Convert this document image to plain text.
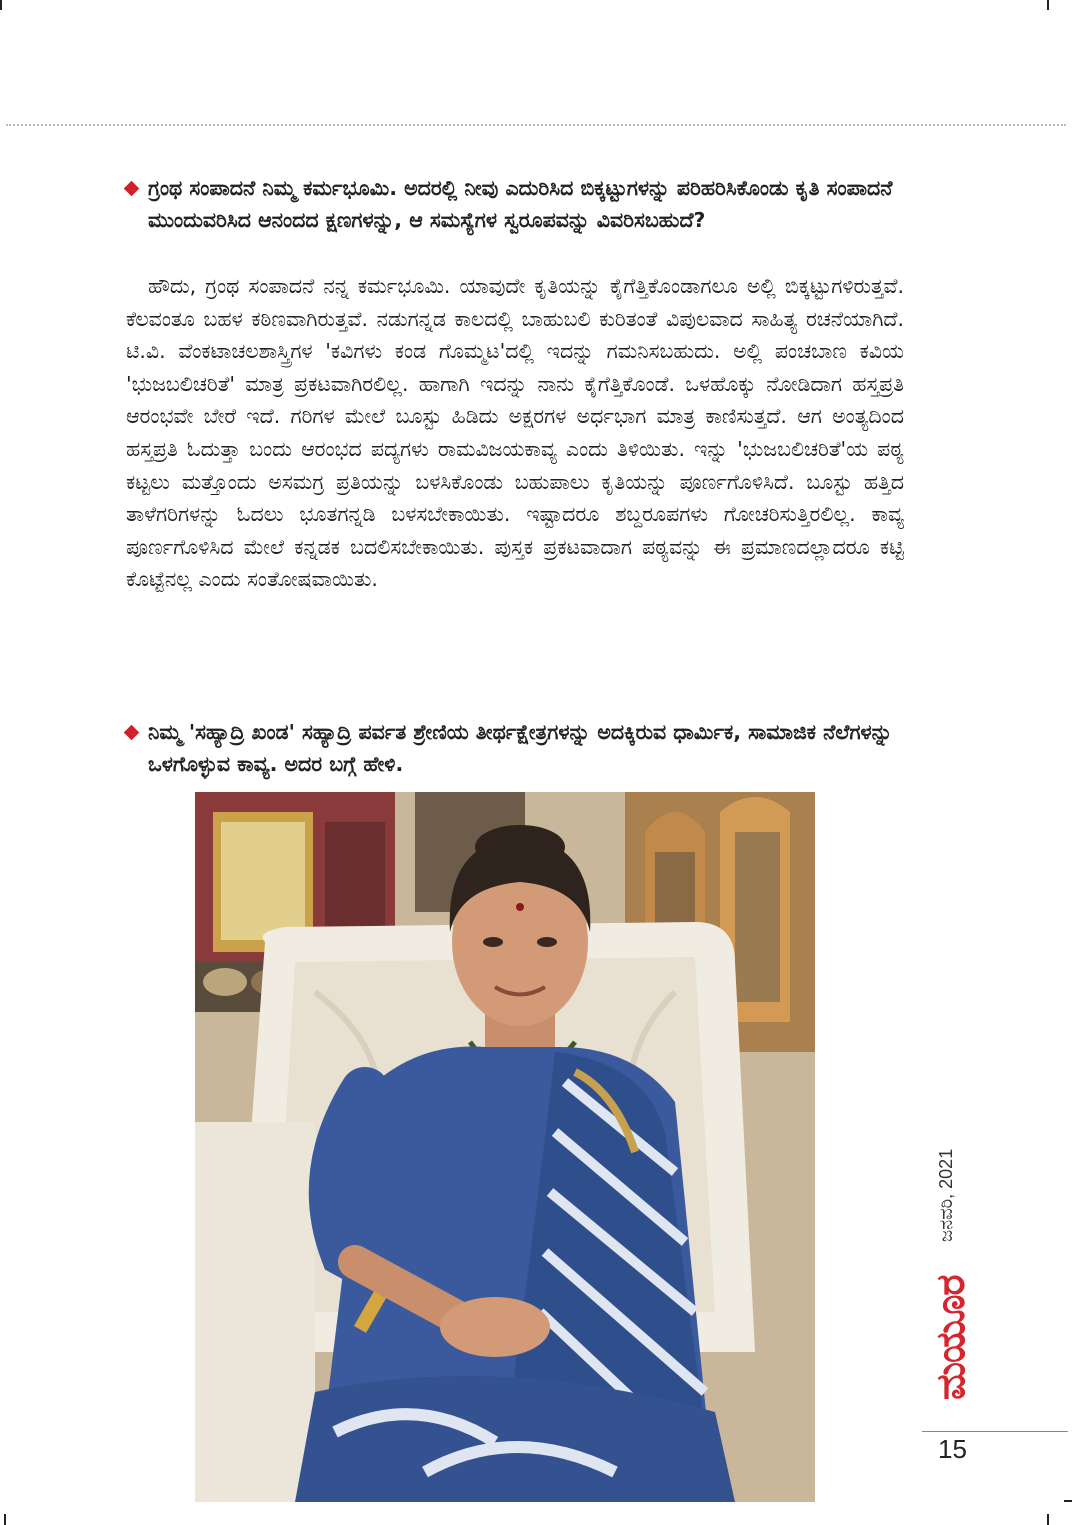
ಗ್ರಂಥ ಸಂಪಾದನೆ ನಿಮ್ಮ ಕರ್ಮಭೂಮಿ. ಅದರಲ್ಲಿ ನೀವು ಎದುರಿಸಿದ ಬಿಕ್ಕಟ್ಟುಗಳನ್ನು ಪರಿಹರಿಸಿಕೊಂಡು ಕೃತಿ ಸಂಪಾದನೆ ಮುಂದುವರಿಸಿದ ಆನಂದದ ಕ್ಷಣಗಳನ್ನು, ಆ ಸಮಸ್ಯೆಗಳ ಸ್ವರೂಪವನ್ನು ವಿವರಿಸಬಹುದೆ?
ಹೌದು, ಗ್ರಂಥ ಸಂಪಾದನೆ ನನ್ನ ಕರ್ಮಭೂಮಿ. ಯಾವುದೇ ಕೃತಿಯನ್ನು ಕೈಗೆತ್ತಿಕೊಂಡಾಗಲೂ ಅಲ್ಲಿ ಬಿಕ್ಕಟ್ಟುಗಳಿರುತ್ತವೆ. ಕೆಲವಂತೂ ಬಹಳ ಕಠಿಣವಾಗಿರುತ್ತವೆ. ನಡುಗನ್ನಡ ಕಾಲದಲ್ಲಿ ಬಾಹುಬಲಿ ಕುರಿತಂತೆ ವಿಪುಲವಾದ ಸಾಹಿತ್ಯ ರಚನೆಯಾಗಿದೆ. ಟಿ.ವಿ. ವೆಂಕಟಾಚಲಶಾಸ್ತ್ರಿಗಳ 'ಕವಿಗಳು ಕಂಡ ಗೊಮ್ಮಟ'ದಲ್ಲಿ ಇದನ್ನು ಗಮನಿಸಬಹುದು. ಅಲ್ಲಿ ಪಂಚಬಾಣ ಕವಿಯ 'ಭುಜಬಲಿಚರಿತೆ' ಮಾತ್ರ ಪ್ರಕಟವಾಗಿರಲಿಲ್ಲ. ಹಾಗಾಗಿ ಇದನ್ನು ನಾನು ಕೈಗೆತ್ತಿಕೊಂಡೆ. ಒಳಹೊಕ್ಕು ನೋಡಿದಾಗ ಹಸ್ತಪ್ರತಿ ಆರಂಭವೇ ಬೇರೆ ಇದೆ. ಗರಿಗಳ ಮೇಲೆ ಬೂಸ್ಟು ಹಿಡಿದು ಅಕ್ಷರಗಳ ಅರ್ಧಭಾಗ ಮಾತ್ರ ಕಾಣಿಸುತ್ತದೆ. ಆಗ ಅಂತ್ಯದಿಂದ ಹಸ್ತಪ್ರತಿ ಓದುತ್ತಾ ಬಂದು ಆರಂಭದ ಪದ್ಯಗಳು ರಾಮವಿಜಯಕಾವ್ಯ ಎಂದು ತಿಳಿಯಿತು. ಇನ್ನು 'ಭುಜಬಲಿಚರಿತೆ'ಯ ಪಠ್ಯ ಕಟ್ಟಲು ಮತ್ತೊಂದು ಅಸಮಗ್ರ ಪ್ರತಿಯನ್ನು ಬಳಸಿಕೊಂಡು ಬಹುಪಾಲು ಕೃತಿಯನ್ನು ಪೂರ್ಣಗೊಳಿಸಿದೆ. ಬೂಸ್ಟು ಹತ್ತಿದ ತಾಳೆಗರಿಗಳನ್ನು ಓದಲು ಭೂತಗನ್ನಡಿ ಬಳಸಬೇಕಾಯಿತು. ಇಷ್ಟಾದರೂ ಶಬ್ದರೂಪಗಳು ಗೋಚರಿಸುತ್ತಿರಲಿಲ್ಲ. ಕಾವ್ಯ ಪೂರ್ಣಗೊಳಿಸಿದ ಮೇಲೆ ಕನ್ನಡಕ ಬದಲಿಸಬೇಕಾಯಿತು. ಪುಸ್ತಕ ಪ್ರಕಟವಾದಾಗ ಪಠ್ಯವನ್ನು ಈ ಪ್ರಮಾಣದಲ್ಲಾದರೂ ಕಟ್ಟಿ ಕೊಟ್ಟೆನಲ್ಲ ಎಂದು ಸಂತೋಷವಾಯಿತು.
ನಿಮ್ಮ 'ಸಹ್ಯಾದ್ರಿ ಖಂಡ' ಸಹ್ಯಾದ್ರಿ ಪರ್ವತ ಶ್ರೇಣಿಯ ತೀರ್ಥಕ್ಷೇತ್ರಗಳನ್ನು ಅದಕ್ಕಿರುವ ಧಾರ್ಮಿಕ, ಸಾಮಾಜಿಕ ನೆಲೆಗಳನ್ನು ಒಳಗೊಳ್ಳುವ ಕಾವ್ಯ. ಅದರ ಬಗ್ಗೆ ಹೇಳಿ.
ಜನವರಿ, 2021
ಮಯೂರ
15
